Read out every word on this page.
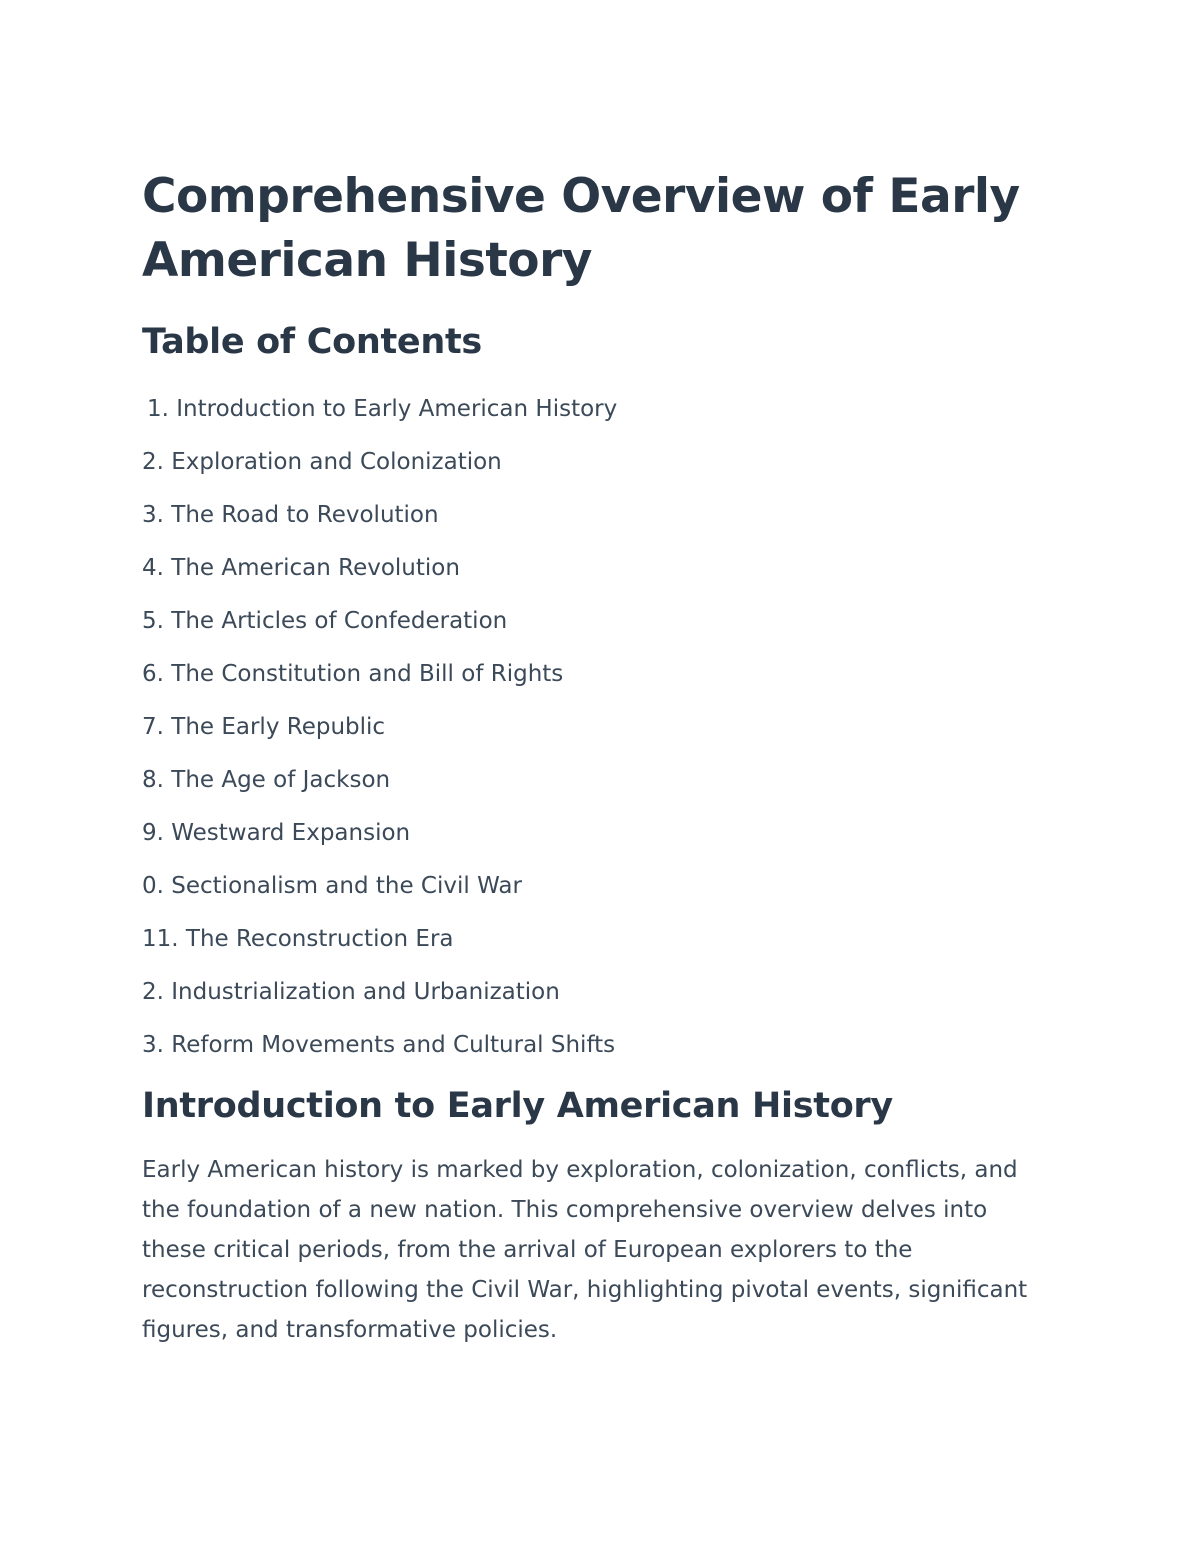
Comprehensive Overview of Early American History
Table of Contents
1. Introduction to Early American History
2. Exploration and Colonization
3. The Road to Revolution
4. The American Revolution
5. The Articles of Confederation
6. The Constitution and Bill of Rights
7. The Early Republic
8. The Age of Jackson
9. Westward Expansion
0. Sectionalism and the Civil War
11. The Reconstruction Era
2. Industrialization and Urbanization
3. Reform Movements and Cultural Shifts
Introduction to Early American History

Early American history is marked by exploration, colonization, conflicts, and the foundation of a new nation. This comprehensive overview delves into these critical periods, from the arrival of European explorers to the reconstruction following the Civil War, highlighting pivotal events, significant figures, and transformative policies.
